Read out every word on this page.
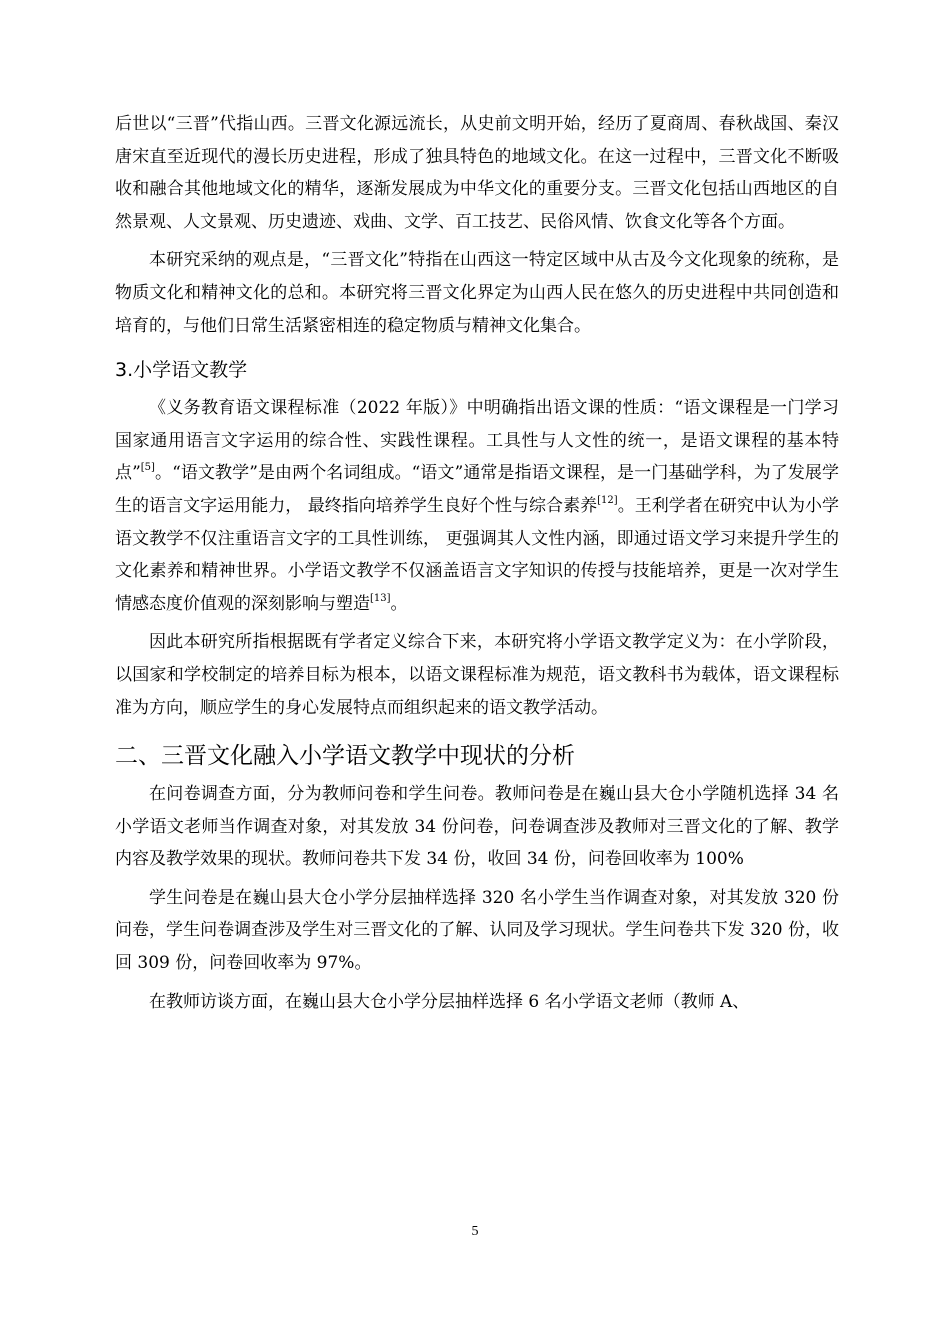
后世以“三晋”代指山西。三晋文化源远流长，从史前文明开始，经历了夏商周、春秋战国、秦汉唐宋直至近现代的漫长历史进程，形成了独具特色的地域文化。在这一过程中，三晋文化不断吸收和融合其他地域文化的精华，逐渐发展成为中华文化的重要分支。三晋文化包括山西地区的自然景观、人文景观、历史遗迹、戏曲、文学、百工技艺、民俗风情、饮食文化等各个方面。

本研究采纳的观点是，“三晋文化”特指在山西这一特定区域中从古及今文化现象的统称，是物质文化和精神文化的总和。本研究将三晋文化界定为山西人民在悠久的历史进程中共同创造和培育的，与他们日常生活紧密相连的稳定物质与精神文化集合。

3.小学语文教学

《义务教育语文课程标准（2022 年版）》中明确指出语文课的性质：“语文课程是一门学习国家通用语言文字运用的综合性、实践性课程。工具性与人文性的统一，是语文课程的基本特点”[5]。“语文教学”是由两个名词组成。“语文”通常是指语文课程，是一门基础学科，为了发展学生的语言文字运用能力， 最终指向培养学生良好个性与综合素养[12]。王利学者在研究中认为小学语文教学不仅注重语言文字的工具性训练， 更强调其人文性内涵，即通过语文学习来提升学生的文化素养和精神世界。小学语文教学不仅涵盖语言文字知识的传授与技能培养，更是一次对学生情感态度价值观的深刻影响与塑造[13]。

因此本研究所指根据既有学者定义综合下来，本研究将小学语文教学定义为：在小学阶段，以国家和学校制定的培养目标为根本，以语文课程标准为规范，语文教科书为载体，语文课程标准为方向，顺应学生的身心发展特点而组织起来的语文教学活动。

二、三晋文化融入小学语文教学中现状的分析

在问卷调查方面，分为教师问卷和学生问卷。教师问卷是在巍山县大仓小学随机选择 34 名小学语文老师当作调查对象，对其发放 34 份问卷，问卷调查涉及教师对三晋文化的了解、教学内容及教学效果的现状。教师问卷共下发 34 份，收回 34 份，问卷回收率为 100%

学生问卷是在巍山县大仓小学分层抽样选择 320 名小学生当作调查对象，对其发放 320 份问卷，学生问卷调查涉及学生对三晋文化的了解、认同及学习现状。学生问卷共下发 320 份，收回 309 份，问卷回收率为 97%。

在教师访谈方面，在巍山县大仓小学分层抽样选择 6 名小学语文老师（教师 A、

5
